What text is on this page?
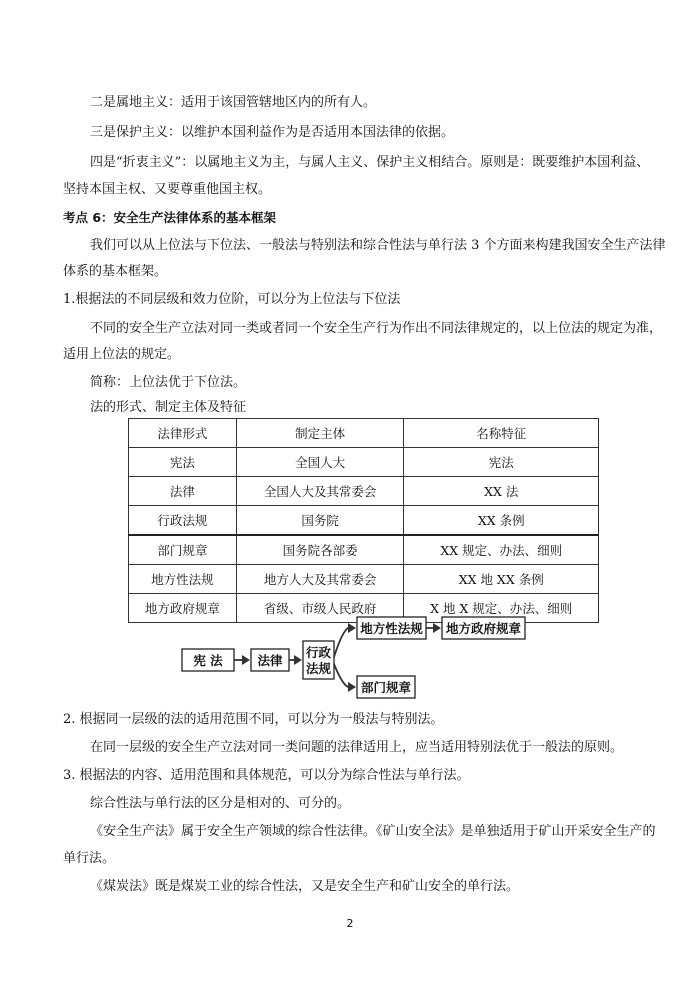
二是属地主义：适用于该国管辖地区内的所有人。
三是保护主义：以维护本国利益作为是否适用本国法律的依据。
四是“折衷主义”：以属地主义为主，与属人主义、保护主义相结合。原则是：既要维护本国利益、
坚持本国主权、又要尊重他国主权。
考点 6：安全生产法律体系的基本框架
我们可以从上位法与下位法、一般法与特别法和综合性法与单行法 3 个方面来构建我国安全生产法律
体系的基本框架。
1.根据法的不同层级和效力位阶，可以分为上位法与下位法
不同的安全生产立法对同一类或者同一个安全生产行为作出不同法律规定的，以上位法的规定为准，
适用上位法的规定。
简称：上位法优于下位法。
法的形式、制定主体及特征
法律形式	制定主体	名称特征
宪法	全国人大	宪法
法律	全国人大及其常委会	XX 法
行政法规	国务院	XX 条例
部门规章	国务院各部委	XX 规定、办法、细则
地方性法规	地方人大及其常委会	XX 地 XX 条例
地方政府规章	省级、市级人民政府	X 地 X 规定、办法、细则
宪 法	法律
行政
法规
地方性法规 地方政府规章
部门规章
2. 根据同一层级的法的适用范围不同，可以分为一般法与特别法。
在同一层级的安全生产立法对同一类问题的法律适用上，应当适用特别法优于一般法的原则。
3. 根据法的内容、适用范围和具体规范，可以分为综合性法与单行法。
综合性法与单行法的区分是相对的、可分的。
《安全生产法》属于安全生产领域的综合性法律。《矿山安全法》是单独适用于矿山开采安全生产的
单行法。
《煤炭法》既是煤炭工业的综合性法，又是安全生产和矿山安全的单行法。
2
